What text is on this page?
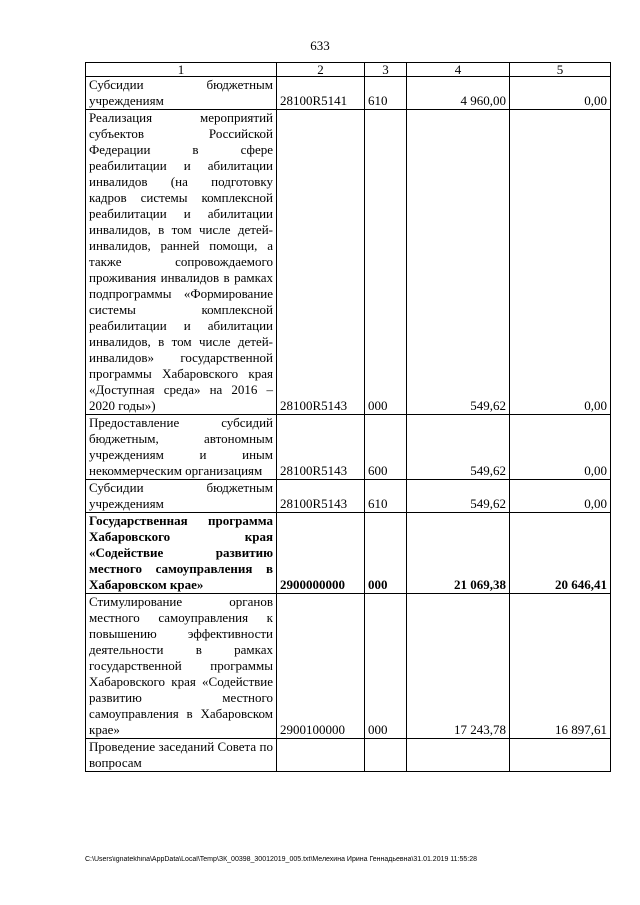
633
1	2	3	4	5
Субсидии бюджетным учреждениям	28100R5141	610	4 960,00	0,00
Реализация мероприятий субъектов Российской Федерации в сфере реабилитации и абилитации инвалидов (на подготовку кадров системы комплексной реабилитации и абилитации инвалидов, в том числе детей-инвалидов, ранней помощи, а также сопровождаемого проживания инвалидов в рамках подпрограммы «Формирование системы комплексной реабилитации и абилитации инвалидов, в том числе детей-инвалидов» государственной программы Хабаровского края «Доступная среда» на 2016 – 2020 годы»)	28100R5143	000	549,62	0,00
Предоставление субсидий бюджетным, автономным учреждениям и иным некоммерческим организациям	28100R5143	600	549,62	0,00
Субсидии бюджетным учреждениям	28100R5143	610	549,62	0,00
Государственная программа Хабаровского края «Содействие развитию местного самоуправления в Хабаровском крае»	2900000000	000	21 069,38	20 646,41
Стимулирование органов местного самоуправления к повышению эффективности деятельности в рамках государственной программы Хабаровского края «Содействие развитию местного самоуправления в Хабаровском крае»	2900100000	000	17 243,78	16 897,61
Проведение заседаний Совета по вопросам				
C:\Users\ignatekhina\AppData\Local\Temp\ЗК_00398_30012019_005.txt\Мелехина Ирина Геннадьевна\31.01.2019 11:55:28
